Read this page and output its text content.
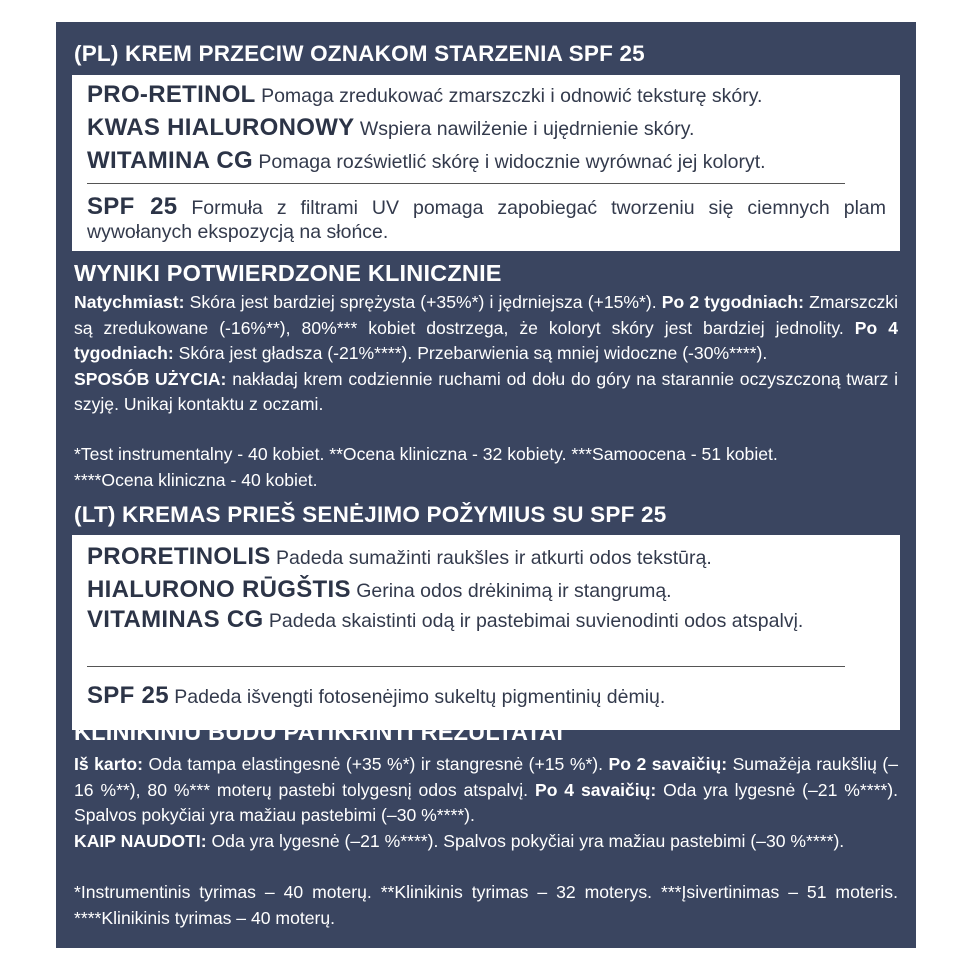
(PL) KREM PRZECIW OZNAKOM STARZENIA SPF 25
PRO-RETINOL Pomaga zredukować zmarszczki i odnowić teksturę skóry.
KWAS HIALURONOWY Wspiera nawilżenie i ujędrnienie skóry.
WITAMINA CG Pomaga rozświetlić skórę i widocznie wyrównać jej koloryt.
SPF 25 Formuła z filtrami UV pomaga zapobiegać tworzeniu się ciemnych plam wywołanych ekspozycją na słońce.
WYNIKI POTWIERDZONE KLINICZNIE
Natychmiast: Skóra jest bardziej sprężysta (+35%*) i jędrniejsza (+15%*). Po 2 tygodniach: Zmarszczki są zredukowane (-16%**), 80%*** kobiet dostrzega, że koloryt skóry jest bardziej jednolity. Po 4 tygodniach: Skóra jest gładsza (-21%****). Przebarwienia są mniej widoczne (-30%****).
SPOSÓB UŻYCIA: nakładaj krem codziennie ruchami od dołu do góry na starannie oczyszczoną twarz i szyję. Unikaj kontaktu z oczami.
*Test instrumentalny - 40 kobiet. **Ocena kliniczna - 32 kobiety. ***Samoocena - 51 kobiet.
****Ocena kliniczna - 40 kobiet.
(LT) KREMAS PRIEŠ SENĖJIMO POŽYMIUS SU SPF 25
PRORETINOLIS Padeda sumažinti raukšles ir atkurti odos tekstūrą.
HIALURONO RŪGŠTIS Gerina odos drėkinimą ir stangrumą.
VITAMINAS CG Padeda skaistinti odą ir pastebimai suvienodinti odos atspalvį.
SPF 25 Padeda išvengti fotosenėjimo sukeltų pigmentinių dėmių.
KLINIKINIU BŪDU PATIKRINTI REZULTATAI
Iš karto: Oda tampa elastingesnė (+35 %*) ir stangresnė (+15 %*). Po 2 savaičių: Sumažėja raukšlių (–16 %**), 80 %*** moterų pastebi tolygesnį odos atspalvį. Po 4 savaičių: Oda yra lygesnė (–21 %****). Spalvos pokyčiai yra mažiau pastebimi (–30 %****).
KAIP NAUDOTI: Oda yra lygesnė (–21 %****). Spalvos pokyčiai yra mažiau pastebimi (–30 %****).
*Instrumentinis tyrimas – 40 moterų. **Klinikinis tyrimas – 32 moterys. ***Įsivertinimas – 51 moteris. ****Klinikinis tyrimas – 40 moterų.
